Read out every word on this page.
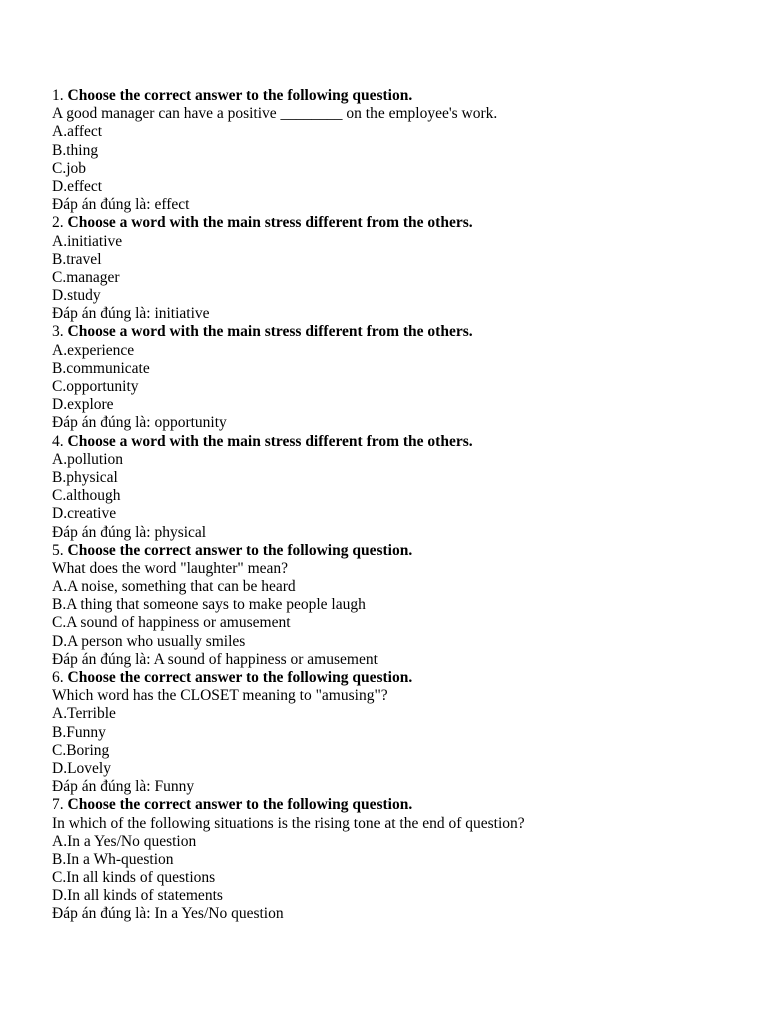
1. Choose the correct answer to the following question.
A good manager can have a positive ________ on the employee's work.
A.affect
B.thing
C.job
D.effect
Đáp án đúng là: effect
2. Choose a word with the main stress different from the others.
A.initiative
B.travel
C.manager
D.study
Đáp án đúng là: initiative
3. Choose a word with the main stress different from the others.
A.experience
B.communicate
C.opportunity
D.explore
Đáp án đúng là: opportunity
4. Choose a word with the main stress different from the others.
A.pollution
B.physical
C.although
D.creative
Đáp án đúng là: physical
5. Choose the correct answer to the following question.
What does the word "laughter" mean?
A.A noise, something that can be heard
B.A thing that someone says to make people laugh
C.A sound of happiness or amusement
D.A person who usually smiles
Đáp án đúng là: A sound of happiness or amusement
6. Choose the correct answer to the following question.
Which word has the CLOSET meaning to "amusing"?
A.Terrible
B.Funny
C.Boring
D.Lovely
Đáp án đúng là: Funny
7. Choose the correct answer to the following question.
In which of the following situations is the rising tone at the end of question?
A.In a Yes/No question
B.In a Wh-question
C.In all kinds of questions
D.In all kinds of statements
Đáp án đúng là: In a Yes/No question
